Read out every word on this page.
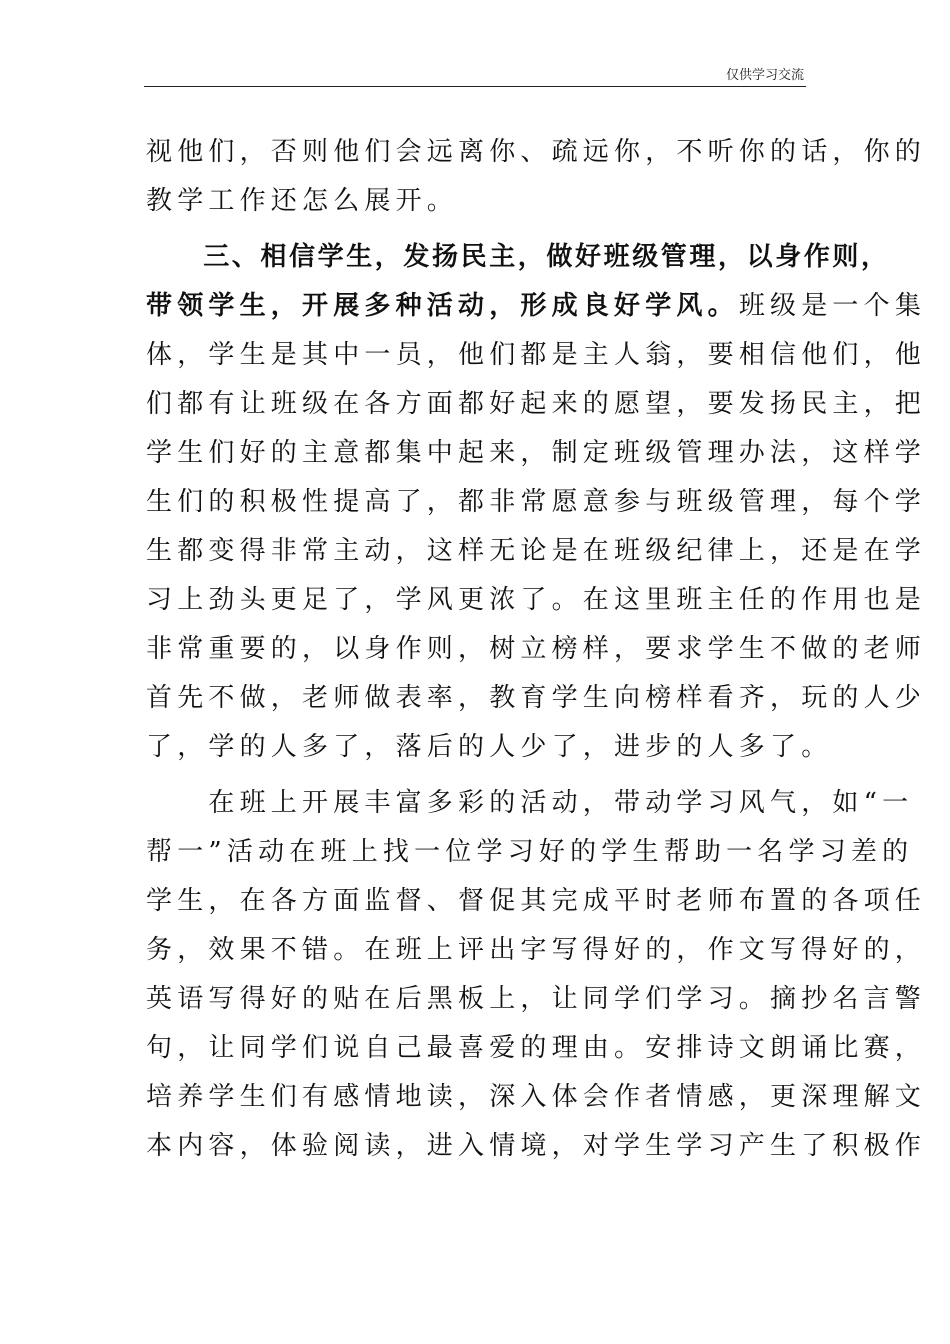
仅供学习交流
视他们，否则他们会远离你、疏远你，不听你的话，你的
教学工作还怎么展开。
　　三、相信学生，发扬民主，做好班级管理，以身作则，
带领学生，开展多种活动，形成良好学风。班级是一个集
体，学生是其中一员，他们都是主人翁，要相信他们，他
们都有让班级在各方面都好起来的愿望，要发扬民主，把
学生们好的主意都集中起来，制定班级管理办法，这样学
生们的积极性提高了，都非常愿意参与班级管理，每个学
生都变得非常主动，这样无论是在班级纪律上，还是在学
习上劲头更足了，学风更浓了。在这里班主任的作用也是
非常重要的，以身作则，树立榜样，要求学生不做的老师
首先不做，老师做表率，教育学生向榜样看齐，玩的人少
了，学的人多了，落后的人少了，进步的人多了。
　　在班上开展丰富多彩的活动，带动学习风气，如“一
帮一”活动在班上找一位学习好的学生帮助一名学习差的
学生，在各方面监督、督促其完成平时老师布置的各项任
务，效果不错。在班上评出字写得好的，作文写得好的，
英语写得好的贴在后黑板上，让同学们学习。摘抄名言警
句，让同学们说自己最喜爱的理由。安排诗文朗诵比赛，
培养学生们有感情地读，深入体会作者情感，更深理解文
本内容，体验阅读，进入情境，对学生学习产生了积极作
